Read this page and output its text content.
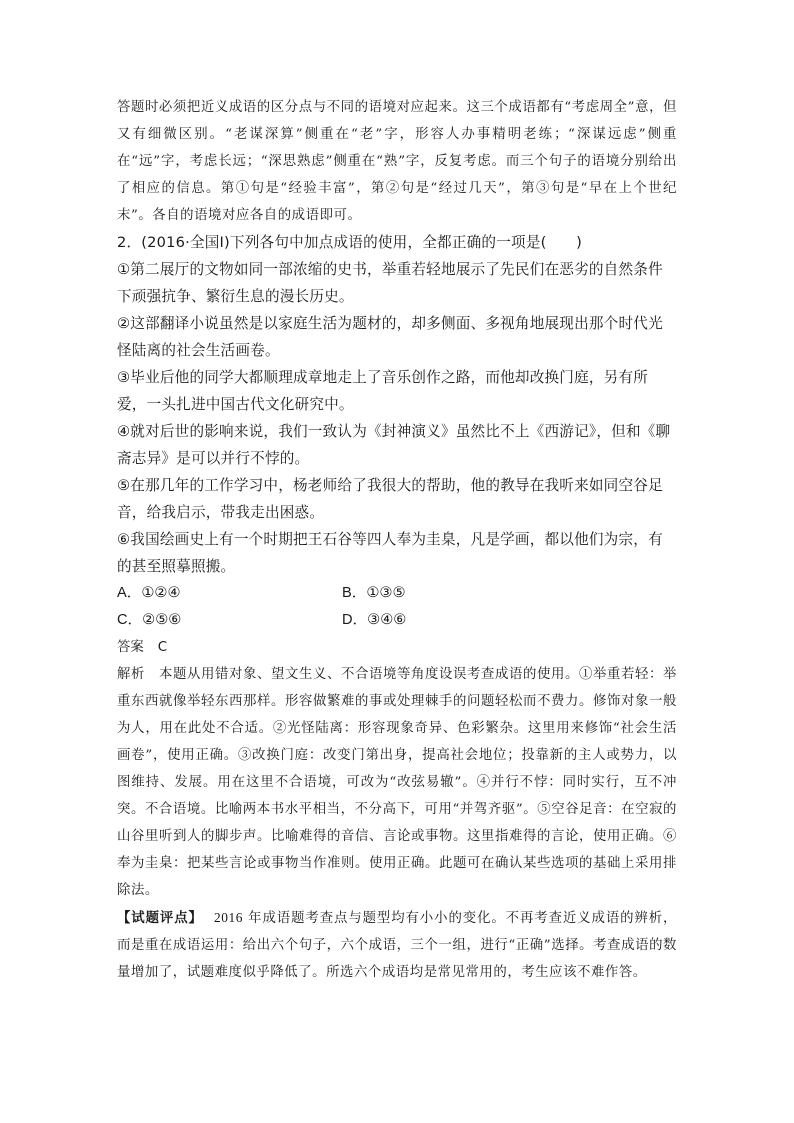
答题时必须把近义成语的区分点与不同的语境对应起来。这三个成语都有“考虑周全”意，但又有细微区别。“老谋深算”侧重在“老”字，形容人办事精明老练；“深谋远虑”侧重在“远”字，考虑长远；“深思熟虑”侧重在“熟”字，反复考虑。而三个句子的语境分别给出了相应的信息。第①句是“经验丰富”，第②句是“经过几天”，第③句是“早在上个世纪末”。各自的语境对应各自的成语即可。

2．(2016·全国Ⅰ)下列各句中加点成语的使用，全都正确的一项是(　　)

①第二展厅的文物如同一部浓缩的史书，举重若轻地展示了先民们在恶劣的自然条件下顽强抗争、繁衍生息的漫长历史。

②这部翻译小说虽然是以家庭生活为题材的，却多侧面、多视角地展现出那个时代光怪陆离的社会生活画卷。

③毕业后他的同学大都顺理成章地走上了音乐创作之路，而他却改换门庭，另有所爱，一头扎进中国古代文化研究中。

④就对后世的影响来说，我们一致认为《封神演义》虽然比不上《西游记》，但和《聊斋志异》是可以并行不悖的。

⑤在那几年的工作学习中，杨老师给了我很大的帮助，他的教导在我听来如同空谷足音，给我启示，带我走出困惑。

⑥我国绘画史上有一个时期把王石谷等四人奉为圭臬，凡是学画，都以他们为宗，有的甚至照摹照搬。

A．①②④	B．①③⑤
C．②⑤⑥	D．③④⑥

答案 C

解析　 本题从用错对象、望文生义、不合语境等角度设误考查成语的使用。①举重若轻：举重东西就像举轻东西那样。形容做繁难的事或处理棘手的问题轻松而不费力。修饰对象一般为人，用在此处不合适。②光怪陆离：形容现象奇异、色彩繁杂。这里用来修饰“社会生活画卷”，使用正确。③改换门庭：改变门第出身，提高社会地位；投靠新的主人或势力，以图维持、发展。用在这里不合语境，可改为“改弦易辙”。④并行不悖：同时实行，互不冲突。不合语境。比喻两本书水平相当，不分高下，可用“并驾齐驱”。⑤空谷足音：在空寂的山谷里听到人的脚步声。比喻难得的音信、言论或事物。这里指难得的言论，使用正确。⑥奉为圭臬：把某些言论或事物当作准则。使用正确。此题可在确认某些选项的基础上采用排除法。

【试题评点】 2016 年成语题考查点与题型均有小小的变化。不再考查近义成语的辨析，而是重在成语运用：给出六个句子，六个成语，三个一组，进行“正确”选择。考查成语的数量增加了，试题难度似乎降低了。所选六个成语均是常见常用的，考生应该不难作答。
